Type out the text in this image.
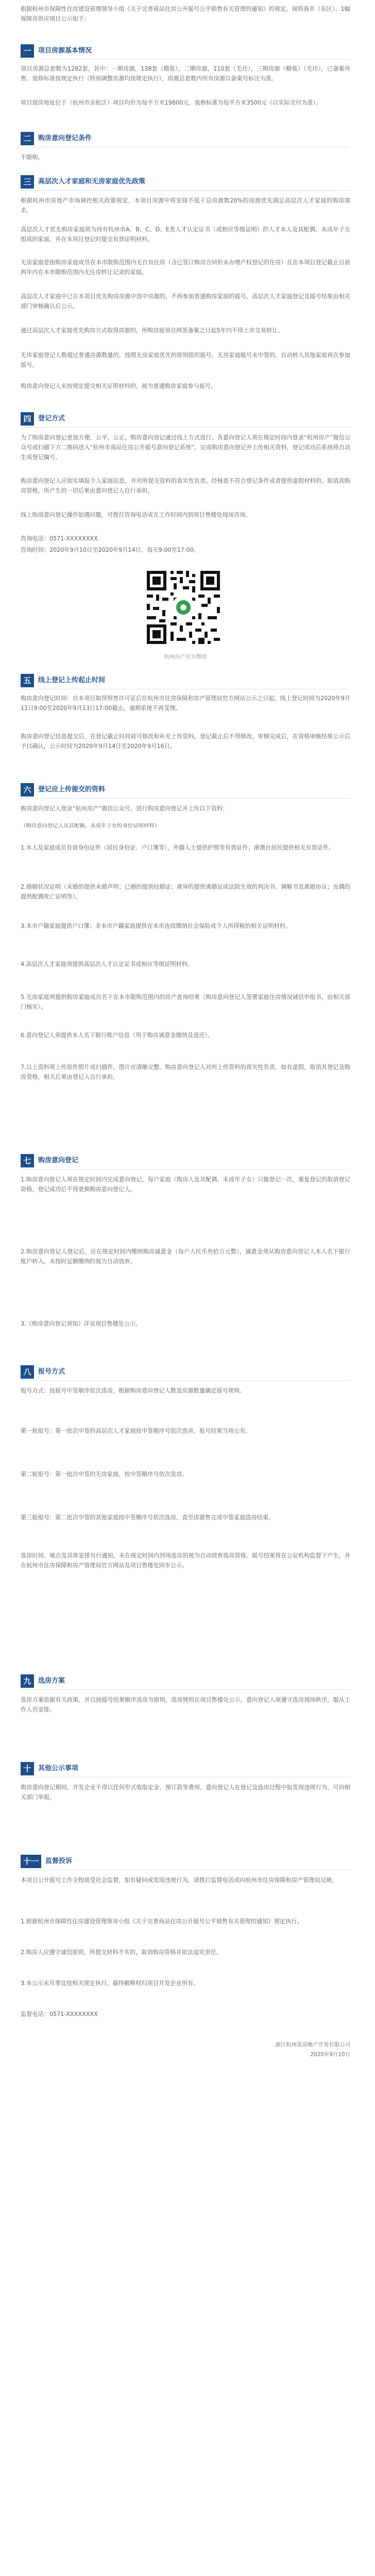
根据杭州市保障性住房建设管理领导小组《关于完善商品住房公开摇号公平销售有关管理的通知》的规定，现将我市（东区）、1幅保障房供应项目公示如下：

一	项目房源基本情况

项目房源总套数为1282套，其中：一期房源，138套（精装），二期房源，110套（毛坯），三期房源（精装）（毛坯），已备案待售。装修标准按规定执行（特别调整房源均按规定执行），房源总套数内所有房源以备案号标注为准。

项目现房地址位于（杭州市余杭区）项目均价为每平方米19800元，装修标准为每平方米3500元（以实际交付为准）。

二	购房意向登记条件

不限购。

三	高层次人才家庭和无房家庭优先政策

根据杭州市房地产市场调控相关政策规定，本项目房源中将安排不低于总房源数20%的房源优先满足高层次人才家庭的购房需求。

高层次人才优先购房家庭须为持有杭州市A、B、C、D、E类人才认定证书（或相应等级证明）的人才本人及其配偶、未成年子女组成的家庭，并在本项目登记时提交有效证明材料。

无房家庭是指购房家庭成员在本市限购范围内无自有住房（含已签订购房合同但未办理产权登记的住房）且在本项目登记截止日前两年内在本市限购范围内无住房转让记录的家庭。

高层次人才家庭中已在本项目优先购房房源中选中房源的，不再参加普通购房家庭的摇号。高层次人才家庭登记及摇号结果由相关部门审核确认后公示。

通过高层次人才家庭优先购房方式取得房源的，所购房屋须自网签备案之日起5年内不得上市交易转让。

无房家庭登记人数超过普通房源数量的，按照无房家庭优先的原则组织摇号，无房家庭摇号未中签的，自动转入其他家庭再次参加摇号。

购房意向登记人未按规定提交相关证明材料的，视为普通购房家庭参与摇号。

四	登记方式

为了购房意向登记更加方便、公平、公正，购房意向登记通过线上方式进行。各意向登记人须在规定时间内登录“杭州房产”微信公众号或扫描下方二维码进入“杭州市商品住房公开摇号意向登记系统”，完成购房意向登记并上传相关资料，登记成功后系统将自动生成登记编号。

购房意向登记人应如实填报个人家庭信息，并对所提交资料的真实性负责。经核查不符合登记条件或者提供虚假材料的，取消其购房资格，所产生的一切后果由意向登记人自行承担。

线上购房意向登记操作如遇问题，可拨打咨询电话或在工作时间内到项目售楼处现场咨询。

咨询电话：0571-XXXXXXXX

咨询时间：2020年9月10日至2020年9月14日，每天9:00至17:00。

杭州房产官方微信

五	线上登记上传起止时间

购房意向登记时间：自本项目取得预售许可证后在杭州市住房保障和房产管理局官方网站公示之日起，线上登记时间为2020年9月11日9:00至2020年9月13日17:00截止，逾期系统不再受理。

购房意向登记信息提交后，在登记截止时间前可修改和补充上传资料，登记截止后不得修改。审核完成后，在资格审核结果公示后予以确认，公示时间为2020年9月14日至2020年9月16日。

六	登记应上传提交的资料

购房意向登记人登录“杭州房产”微信公众号，进行购房意向登记并上传以下资料：

（购房意向登记人及其配偶、未成年子女的身份证明材料）

1.本人及家庭成员有效身份证件（居民身份证、户口簿等），外籍人士提供护照等有效证件；港澳台居民提供相关有效证件。

2.婚姻状况证明（未婚的提供未婚声明；已婚的提供结婚证；离异的提供离婚证或法院生效的判决书、调解书及离婚协议；丧偶的提供配偶死亡证明等）。

3.本市户籍家庭提供户口簿；非本市户籍家庭提供在本市连续缴纳社会保险或个人所得税的相关证明材料。

4.高层次人才家庭须提供高层次人才认定证书或相应等级证明材料。

5.无房家庭须提供购房家庭成员名下在本市限购范围内的房产查询结果（购房意向登记人签署家庭住房情况诚信申报书，由相关部门核实）。

6.意向登记人须提供本人名下银行账户信息（用于购房诚意金缴纳及退还）。

7.以上资料须上传原件照片或扫描件，图片应清晰完整。购房意向登记人对所上传资料的真实性负责，如有虚假，取消其登记及购房资格，相关后果由登记人自行承担。

七	购房意向登记

1.购房意向登记人须在规定时间内完成意向登记，每户家庭（购房人及其配偶、未成年子女）只能登记一次，重复登记的取消登记资格。登记成功后不得更换购房意向登记人。

2.购房意向登记人登记后，应在规定时间内缴纳购房诚意金（每户人民币叁拾万元整），诚意金须从购房意向登记人本人名下银行账户转入，未按时足额缴纳的视为自动放弃。

3.《购房意向登记须知》详见项目售楼处公示。

八	报号方式

报号方式：按摇号中签顺序依次选房，根据购房意向登记人数及房源数量确定摇号规则。

第一轮报号：第一批次中签的高层次人才家庭按中签顺序号依次选房，报号结果当场公布。

第二轮报号：第一批次中签的无房家庭，按中签顺序号依次选房。

第三轮报号：第二批次中签的其他家庭按中签顺序号依次选房，直至房源售完或中签家庭选房结束。

选房时间、地点及具体安排另行通知，未在规定时间内到场选房的视为自动放弃选房资格。摇号结果将在公证机构监督下产生，并在杭州市住房保障和房产管理局官方网站及项目售楼处同步公示。

九	选房方案

选房方案依据有关政策，并以按摇号结果顺序选房为原则，选房规则在项目售楼处公示，意向登记人须遵守选房现场秩序，服从工作人员安排。

十	其他公示事项

购房意向登记期间，开发企业不得以任何形式收取定金、预订款等费用。意向登记人在登记及选房过程中如发现违规行为，可向相关部门举报。

十一	监督投诉

本项目公开摇号工作全程接受社会监督，如有疑问或发现违规行为，请拨打监督电话或向杭州市住房保障和房产管理局反映。

1.根据杭州市保障性住房建设管理领导小组《关于完善商品住房公开摇号公平销售有关管理的通知》规定执行。

2.购房人应遵守诚信原则，所提交材料不实的，取消购房资格并依法追究责任。

3.本公示未尽事宜按相关规定执行，最终解释权归项目开发企业所有。

监督电话：0571-XXXXXXXX

浙江杭州某房地产开发有限公司
2020年9月10日
